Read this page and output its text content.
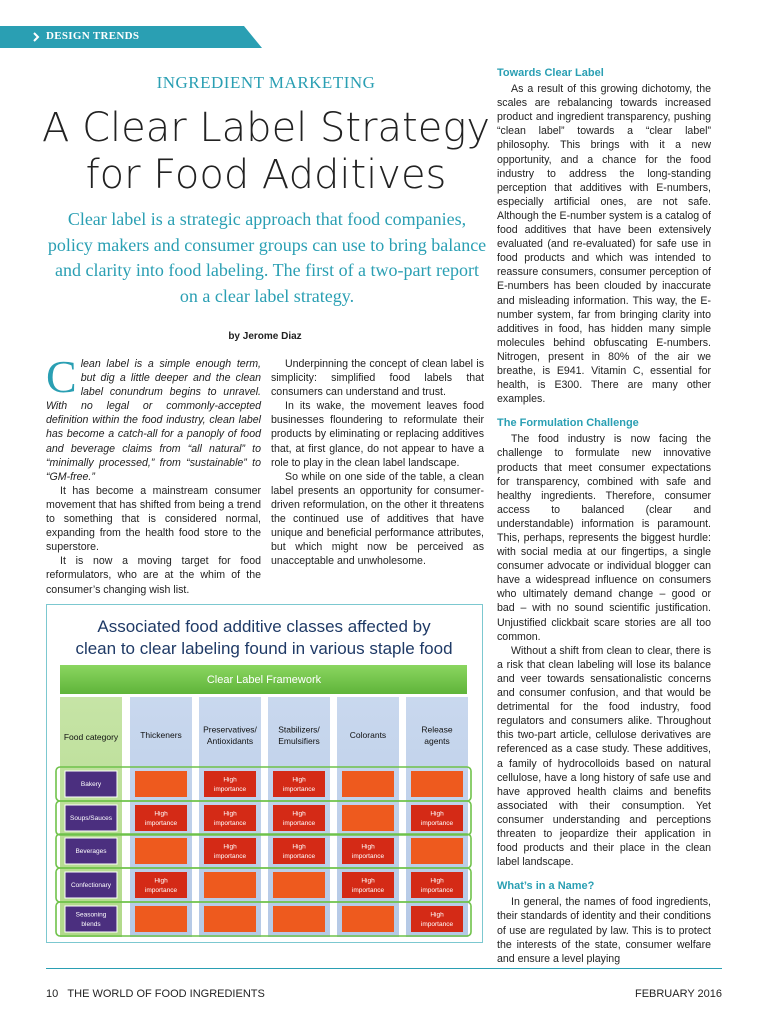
DESIGN TRENDS
INGREDIENT MARKETING
A Clear Label Strategy for Food Additives
Clear label is a strategic approach that food companies, policy makers and consumer groups can use to bring balance and clarity into food labeling. The first of a two-part report on a clear label strategy.
by Jerome Diaz

Clean label is a simple enough term, but dig a little deeper and the clean label conundrum begins to unravel. With no legal or commonly-accepted definition within the food industry, clean label has become a catch-all for a panoply of food and beverage claims from “all natural” to “minimally processed,” from “sustainable” to “GM-free.”

It has become a mainstream consumer movement that has shifted from being a trend to something that is considered normal, expanding from the health food store to the superstore.

It is now a moving target for food reformulators, who are at the whim of the consumer’s changing wish list.

Underpinning the concept of clean label is simplicity: simplified food labels that consumers can understand and trust.

In its wake, the movement leaves food businesses floundering to reformulate their products by eliminating or replacing additives that, at first glance, do not appear to have a role to play in the clean label landscape.

So while on one side of the table, a clean label presents an opportunity for consumer-driven reformulation, on the other it threatens the continued use of additives that have unique and beneficial performance attributes, but which might now be perceived as unacceptable and unwholesome.

Towards Clear Label

As a result of this growing dichotomy, the scales are rebalancing towards increased product and ingredient transparency, pushing “clean label” towards a “clear label” philosophy. This brings with it a new opportunity, and a chance for the food industry to address the long-standing perception that additives with E-numbers, especially artificial ones, are not safe. Although the E-number system is a catalog of food additives that have been extensively evaluated (and re-evaluated) for safe use in food products and which was intended to reassure consumers, consumer perception of E-numbers has been clouded by inaccurate and misleading information. This way, the E-number system, far from bringing clarity into additives in food, has hidden many simple molecules behind obfuscating E-numbers. Nitrogen, present in 80% of the air we breathe, is E941. Vitamin C, essential for health, is E300. There are many other examples.

The Formulation Challenge

The food industry is now facing the challenge to formulate new innovative products that meet consumer expectations for transparency, combined with safe and healthy ingredients. Therefore, consumer access to balanced (clear and understandable) information is paramount. This, perhaps, represents the biggest hurdle: with social media at our fingertips, a single consumer advocate or individual blogger can have a widespread influence on consumers who ultimately demand change – good or bad – with no sound scientific justification. Unjustified clickbait scare stories are all too common.

Without a shift from clean to clear, there is a risk that clean labeling will lose its balance and veer towards sensationalistic concerns and consumer confusion, and that would be detrimental for the food industry, food regulators and consumers alike. Throughout this two-part article, cellulose derivatives are referenced as a case study. These additives, a family of hydrocolloids based on natural cellulose, have a long history of safe use and have approved health claims and benefits associated with their consumption. Yet consumer understanding and perceptions threaten to jeopardize their application in food products and their place in the clean label landscape.

What’s in a Name?

In general, the names of food ingredients, their standards of identity and their conditions of use are regulated by law. This is to protect the interests of the state, consumer welfare and ensure a level playing

Associated food additive classes affected by
clean to clear labeling found in various staple food
Clear Label Framework
Food category	Thickeners
Preservatives/
Antioxidants
Stabilizers/
Emulsifiers
Colorants
Release
agents
Bakery
High
importance
High
importance
Soups/Sauces
High
importance
High
importance
High
importance
High
importance
Beverages
High
importance
High
importance
High
importance
Confectionary
High
importance
High
importance
High
importance
Seasoning
blends
High
importance
10 THE WORLD OF FOOD INGREDIENTS	FEBRUARY 2016
